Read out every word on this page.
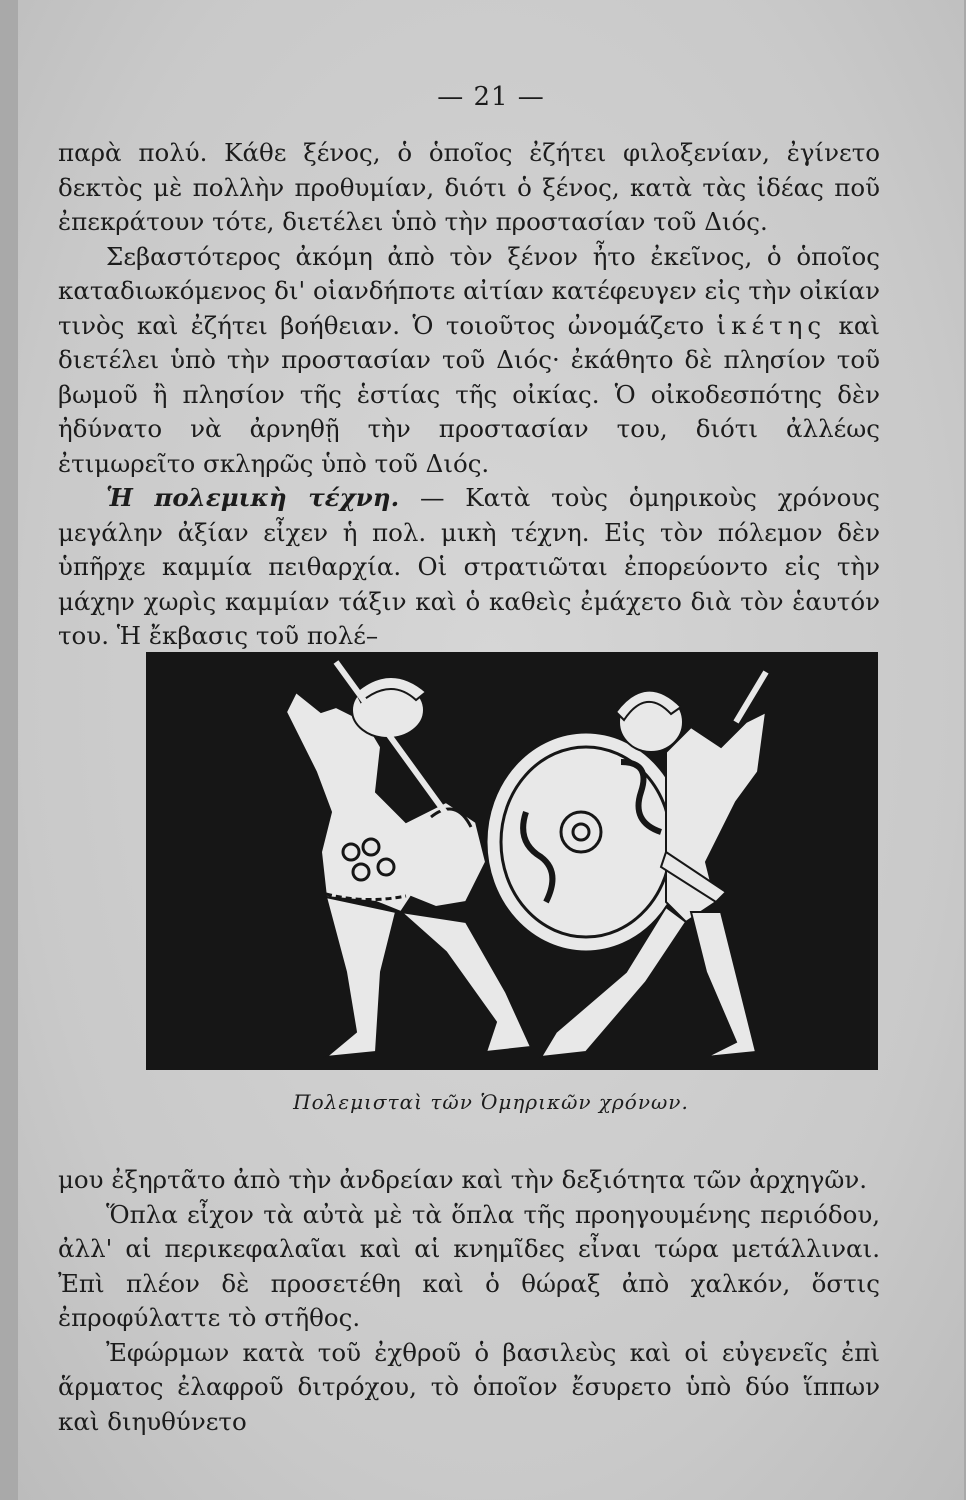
— 21 —

παρὰ πολύ. Κάθε ξένος, ὁ ὁποῖος ἐζήτει φιλοξενίαν, ἐγίνετο δεκτὸς μὲ πολλὴν προθυμίαν, διότι ὁ ξένος, κατὰ τὰς ἰδέας ποῦ ἐπεκράτουν τότε, διετέλει ὑπὸ τὴν προστασίαν τοῦ Διός.

Σεβαστότερος ἀκόμη ἀπὸ τὸν ξένον ἦτο ἐκεῖνος, ὁ ὁποῖος καταδιωκόμενος δι' οἱανδήποτε αἰτίαν κατέφευγεν εἰς τὴν οἰκίαν τινὸς καὶ ἐζήτει βοήθειαν. Ὁ τοιοῦτος ὠνομάζετο ἱκέτης καὶ διετέλει ὑπὸ τὴν προστασίαν τοῦ Διός· ἐκάθητο δὲ πλησίον τοῦ βωμοῦ ἢ πλησίον τῆς ἑστίας τῆς οἰκίας. Ὁ οἰκοδεσπότης δὲν ἠδύνατο νὰ ἀρνηθῇ τὴν προστασίαν του, διότι ἀλλέως ἐτιμωρεῖτο σκληρῶς ὑπὸ τοῦ Διός.

Ἡ πολεμικὴ τέχνη. — Κατὰ τοὺς ὁμηρικοὺς χρόνους μεγάλην ἀξίαν εἶχεν ἡ πολ. μικὴ τέχνη. Εἰς τὸν πόλεμον δὲν ὑπῆρχε καμμία πειθαρχία. Οἱ στρατιῶται ἐπορεύοντο εἰς τὴν μάχην χωρὶς καμμίαν τάξιν καὶ ὁ καθεὶς ἐμάχετο διὰ τὸν ἑαυτόν του. Ἡ ἔκβασις τοῦ πολέ–

Πολεμισταὶ τῶν Ὁμηρικῶν χρόνων.

μου ἐξηρτᾶτο ἀπὸ τὴν ἀνδρείαν καὶ τὴν δεξιότητα τῶν ἀρχηγῶν.

Ὅπλα εἶχον τὰ αὐτὰ μὲ τὰ ὅπλα τῆς προηγουμένης περιόδου, ἀλλ' αἱ περικεφαλαῖαι καὶ αἱ κνημῖδες εἶναι τώρα μετάλλιναι. Ἐπὶ πλέον δὲ προσετέθη καὶ ὁ θώραξ ἀπὸ χαλκόν, ὅστις ἐπροφύλαττε τὸ στῆθος.

Ἐφώρμων κατὰ τοῦ ἐχθροῦ ὁ βασιλεὺς καὶ οἱ εὐγενεῖς ἐπὶ ἅρματος ἐλαφροῦ διτρόχου, τὸ ὁποῖον ἔσυρετο ὑπὸ δύο ἵππων καὶ διηυθύνετο
